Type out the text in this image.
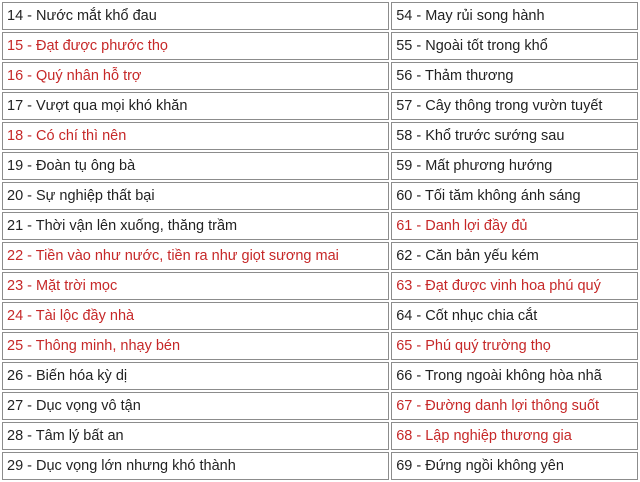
14 - Nước mắt khổ đau	54 - May rủi song hành
15 - Đạt được phước thọ	55 - Ngoài tốt trong khổ
16 - Quý nhân hỗ trợ	56 - Thảm thương
17 - Vượt qua mọi khó khăn	57 - Cây thông trong vườn tuyết
18 - Có chí thì nên	58 - Khổ trước sướng sau
19 - Đoàn tụ ông bà	59 - Mất phương hướng
20 - Sự nghiệp thất bại	60 - Tối tăm không ánh sáng
21 - Thời vận lên xuống, thăng trầm	61 - Danh lợi đầy đủ
22 - Tiền vào như nước, tiền ra như giọt sương mai	62 - Căn bản yếu kém
23 - Mặt trời mọc	63 - Đạt được vinh hoa phú quý
24 - Tài lộc đầy nhà	64 - Cốt nhục chia cắt
25 - Thông minh, nhạy bén	65 - Phú quý trường thọ
26 - Biến hóa kỳ dị	66 - Trong ngoài không hòa nhã
27 - Dục vọng vô tận	67 - Đường danh lợi thông suốt
28 - Tâm lý bất an	68 - Lập nghiệp thương gia
29 - Dục vọng lớn nhưng khó thành	69 - Đứng ngồi không yên
